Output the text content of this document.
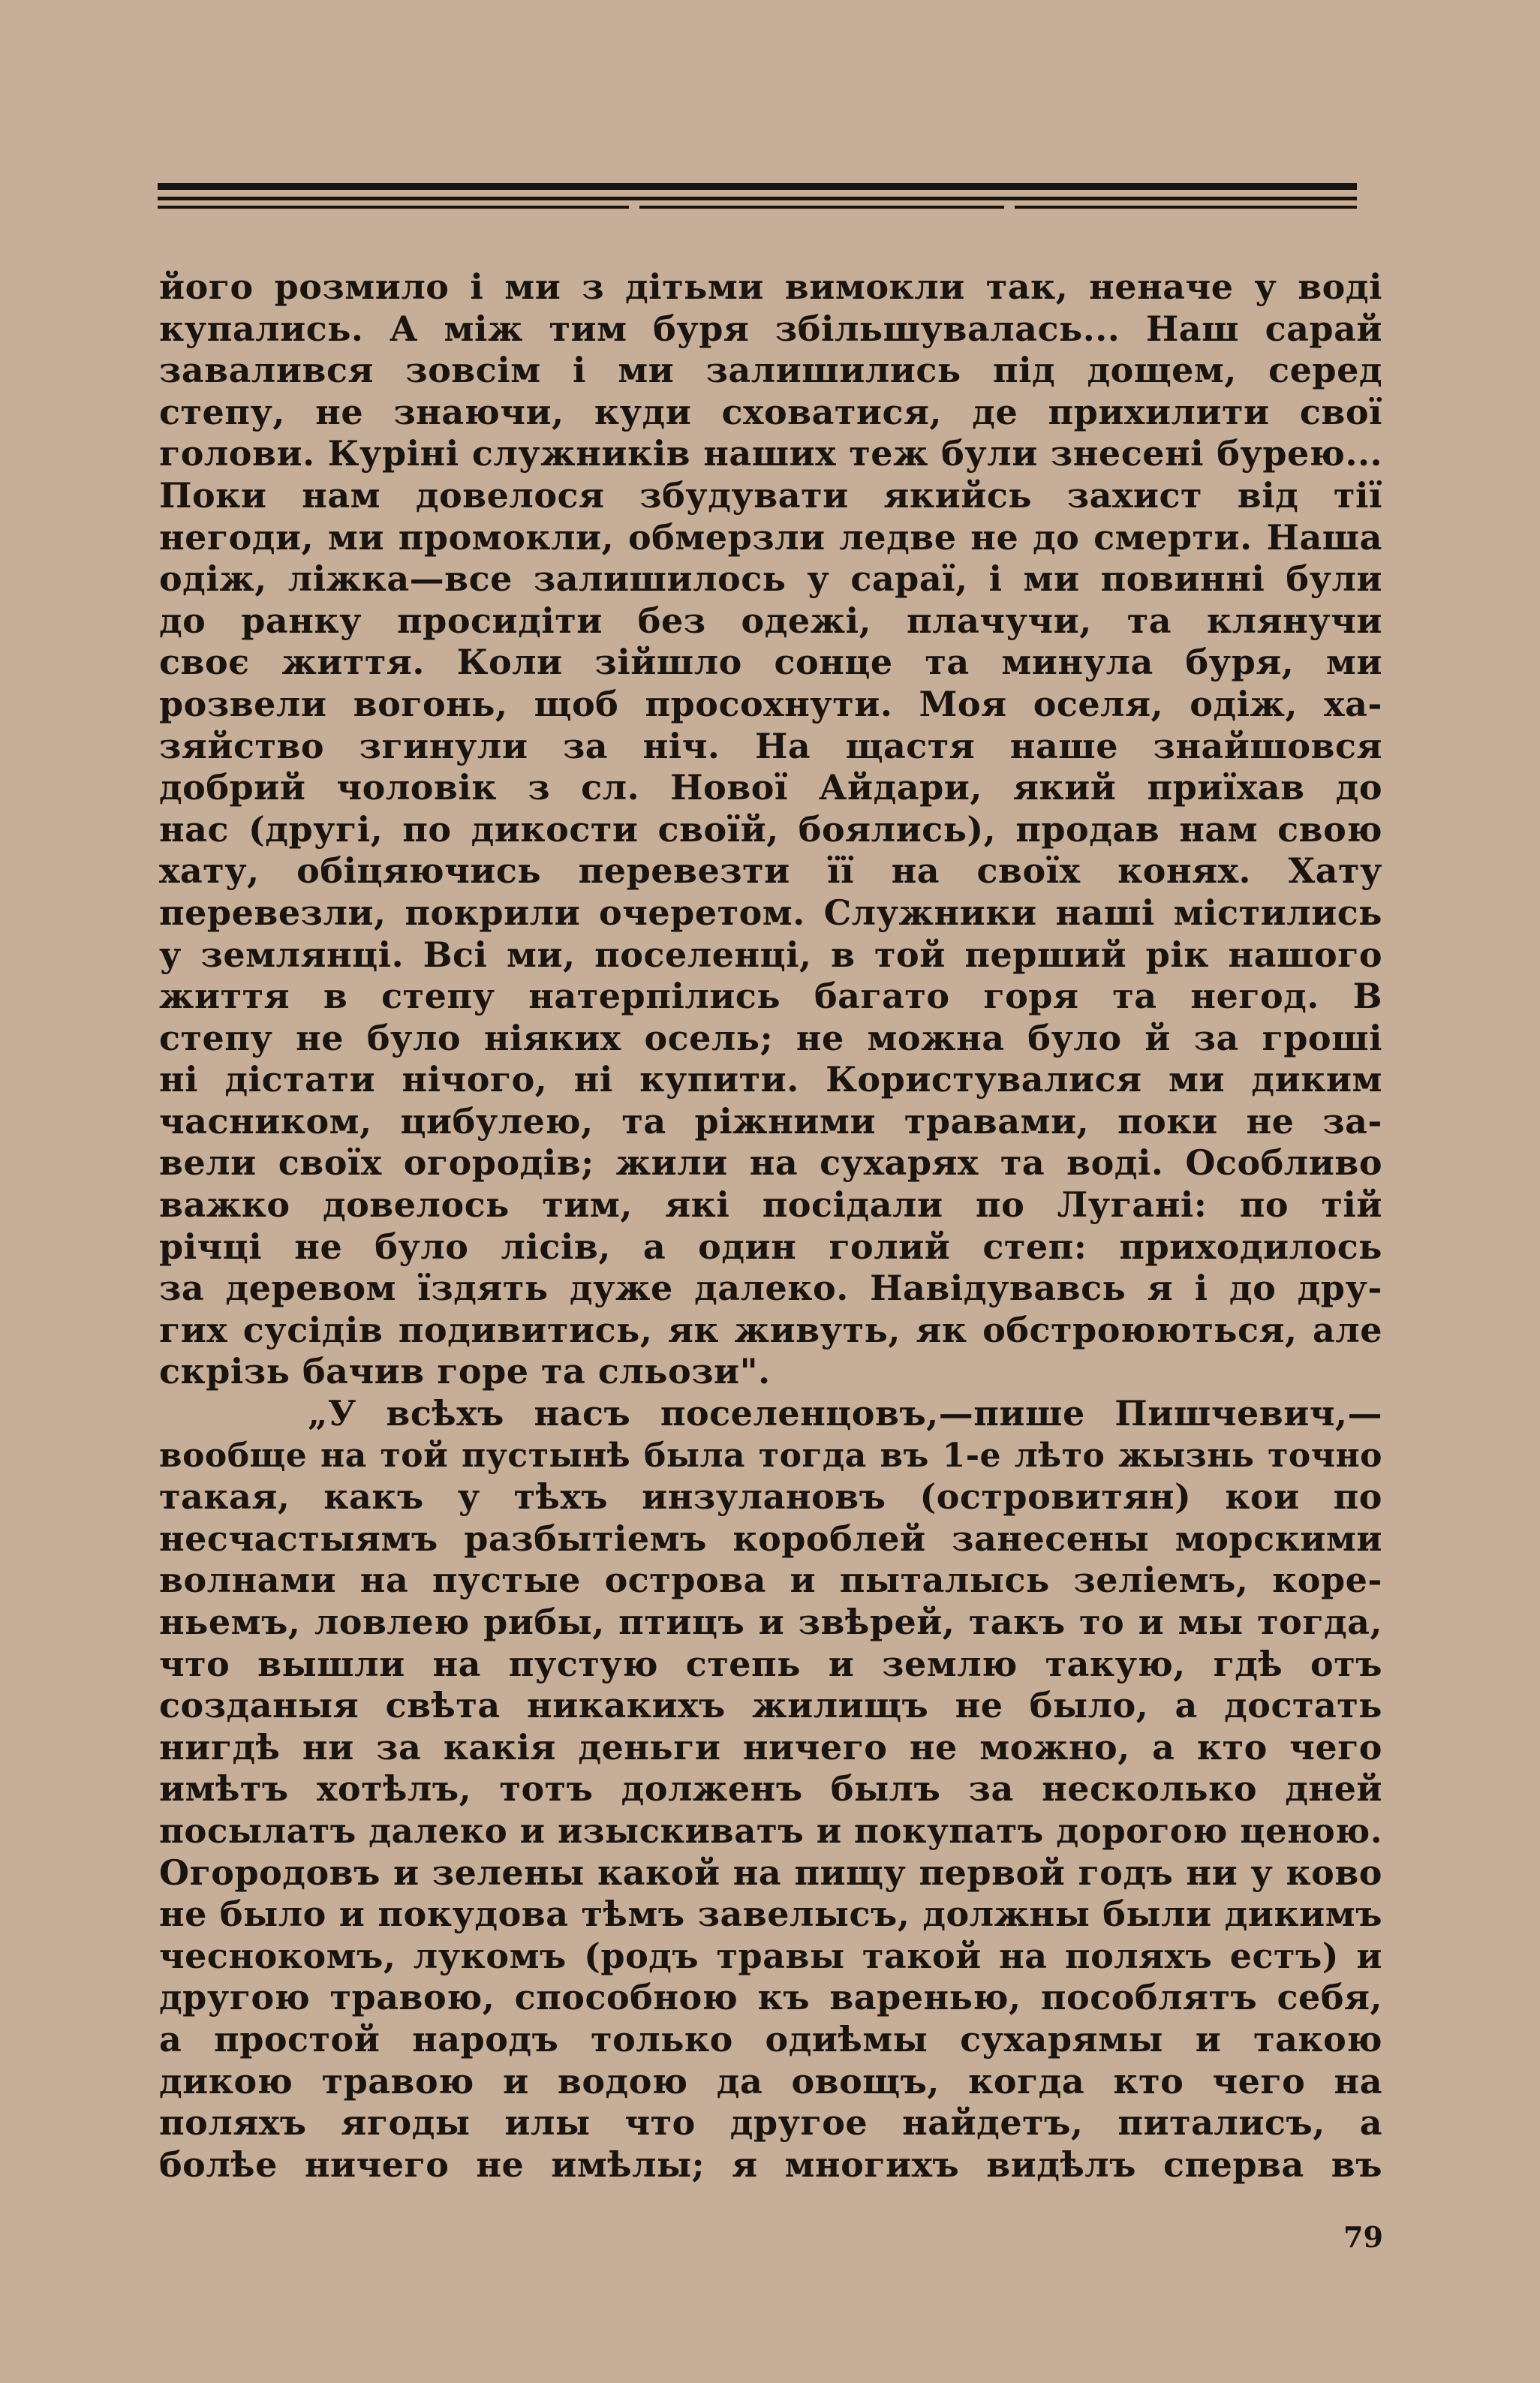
його розмило і ми з дітьми вимокли так, неначе у воді
купались. А між тим буря збільшувалась... Наш сарай
завалився зовсім і ми залишились під дощем, серед
степу, не знаючи, куди сховатися, де прихилити свої
голови. Курінi служників наших теж були знесені бурею...
Поки нам довелося збудувати якийсь захист від тії
негоди, ми промокли, обмерзли ледве не до смерти. Наша
одіж, ліжка—все залишилось у сараї, і ми повинні були
до ранку просидіти без одежі, плачучи, та клянучи
своє життя. Коли зійшло сонце та минула буря, ми
розвели вогонь, щоб просохнути. Моя оселя, одіж, ха-
зяйство згинули за ніч. На щастя наше знайшовся
добрий чоловік з сл. Нової Айдари, який приїхав до
нас (другі, по дикости своїй, боялись), продав нам свою
хату, обіцяючись перевезти її на своїх конях. Хату
перевезли, покрили очеретом. Служники наші містились
у землянці. Всі ми, поселенці, в той перший рік нашого
життя в степу натерпілись багато горя та негод. В
степу не було ніяких осель; не можна було й за гроші
ні дістати нічого, ні купити. Користувалися ми диким
часником, цибулею, та ріжними травами, поки не за-
вели своїх огородів; жили на сухарях та воді. Особливо
важко довелось тим, які посідали по Лугані: по тій
річці не було лісів, а один голий степ: приходилось
за деревом їздять дуже далеко. Навідувавсь я і до дру-
гих сусідів подивитись, як живуть, як обстроюються, але
скрізь бачив горе та сльози".
„У всѣхъ насъ поселенцовъ,—пише Пишчевич,—
вообще на той пустынѣ была тогда въ 1-е лѣто жызнь точно
такая, какъ у тѣхъ инзулановъ (островитян) кои по
несчастыямъ разбытіемъ короблей занесены морскими
волнами на пустые острова и пыталысь зеліемъ, коре-
ньемъ, ловлею рибы, птицъ и звѣрей, такъ то и мы тогда,
что вышли на пустую степь и землю такую, гдѣ отъ
созданыя свѣта никакихъ жилищъ не было, а достать
нигдѣ ни за какія деньги ничего не можно, а кто чего
имѣтъ хотѣлъ, тотъ долженъ былъ за несколько дней
посылатъ далеко и изыскиватъ и покупатъ дорогою ценою.
Огородовъ и зелены какой на пищу первой годъ ни у ково
не было и покудова тѣмъ завелысъ, должны были дикимъ
чеснокомъ, лукомъ (родъ травы такой на поляхъ естъ) и
другою травою, способною къ варенью, пособлятъ себя,
а простой народъ только одиѣмы сухарямы и такою
дикою травою и водою да овощъ, когда кто чего на
поляхъ ягоды илы что другое найдетъ, питалисъ, а
болѣе ничего не имѣлы; я многихъ видѣлъ сперва въ
79
